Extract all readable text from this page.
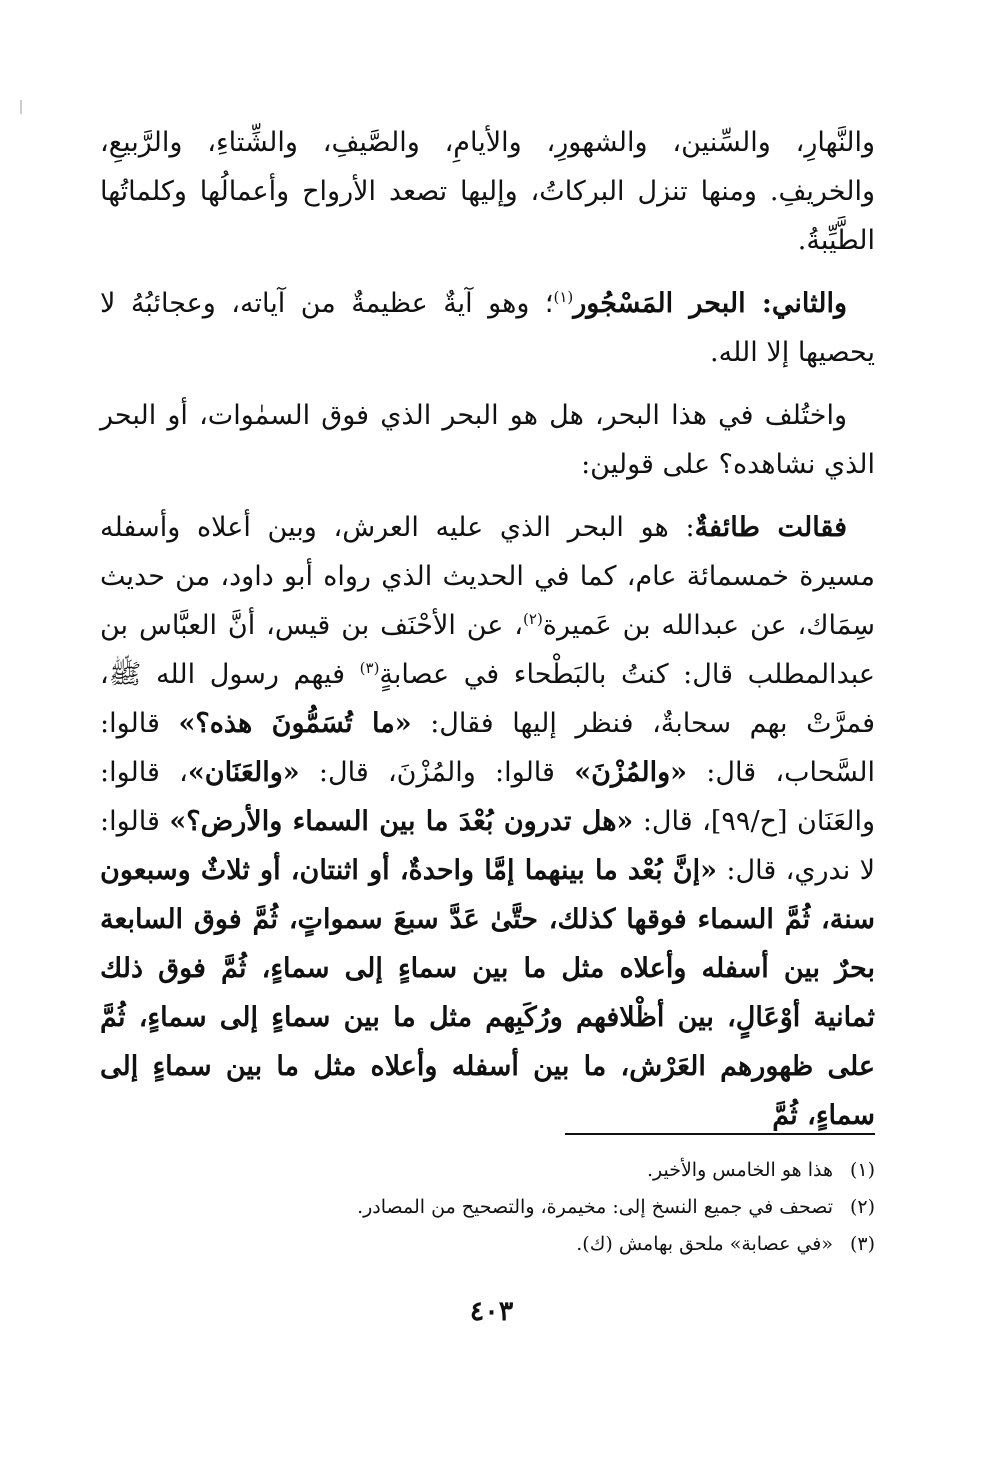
والنَّهارِ، والسِّنين، والشهورِ، والأيامِ، والصَّيفِ، والشِّتاءِ، والرَّبيعِ، والخريفِ. ومنها تنزل البركاتُ، وإليها تصعد الأرواح وأعمالُها وكلماتُها الطَّيِّبةُ.

والثاني: البحر المَسْجُور$^{(١)}$؛ وهو آيةٌ عظيمةٌ من آياته، وعجائبُهُ لا يحصيها إلا الله.

واختُلف في هذا البحر، هل هو البحر الذي فوق السمٰوات، أو البحر الذي نشاهده؟ على قولين:

فقالت طائفةٌ: هو البحر الذي عليه العرش، وبين أعلاه وأسفله مسيرة خمسمائة عام، كما في الحديث الذي رواه أبو داود، من حديث سِمَاك، عن عبدالله بن عَميرة$^{(٢)}$، عن الأحْنَف بن قيس، أنَّ العبَّاس بن عبدالمطلب قال: كنتُ بالبَطْحاء في عصابةٍ$^{(٣)}$ فيهم رسول الله ﷺ، فمرَّتْ بهم سحابةٌ، فنظر إليها فقال: «ما تُسَمُّونَ هذه؟» قالوا: السَّحاب، قال: «والمُزْنَ» قالوا: والمُزْنَ، قال: «والعَنَان»، قالوا: والعَنَان [ح/٩٩]، قال: «هل تدرون بُعْدَ ما بين السماء والأرض؟» قالوا: لا ندري، قال: «إنَّ بُعْد ما بينهما إمَّا واحدةٌ، أو اثنتان، أو ثلاثٌ وسبعون سنة، ثُمَّ السماء فوقها كذلك، حتَّىٰ عَدَّ سبعَ سمواتٍ، ثُمَّ فوق السابعة بحرٌ بين أسفله وأعلاه مثل ما بين سماءٍ إلى سماءٍ، ثُمَّ فوق ذلك ثمانية أوْعَالٍ، بين أظْلافهم ورُكَبِهم مثل ما بين سماءٍ إلى سماءٍ، ثُمَّ على ظهورهم العَرْش، ما بين أسفله وأعلاه مثل ما بين سماءٍ إلى سماءٍ، ثُمَّ

(١)
هذا هو الخامس والأخير.
(٢)
تصحف في جميع النسخ إلى: مخيمرة، والتصحيح من المصادر.
(٣)
«في عصابة» ملحق بهامش (ك).
٤٠٣
